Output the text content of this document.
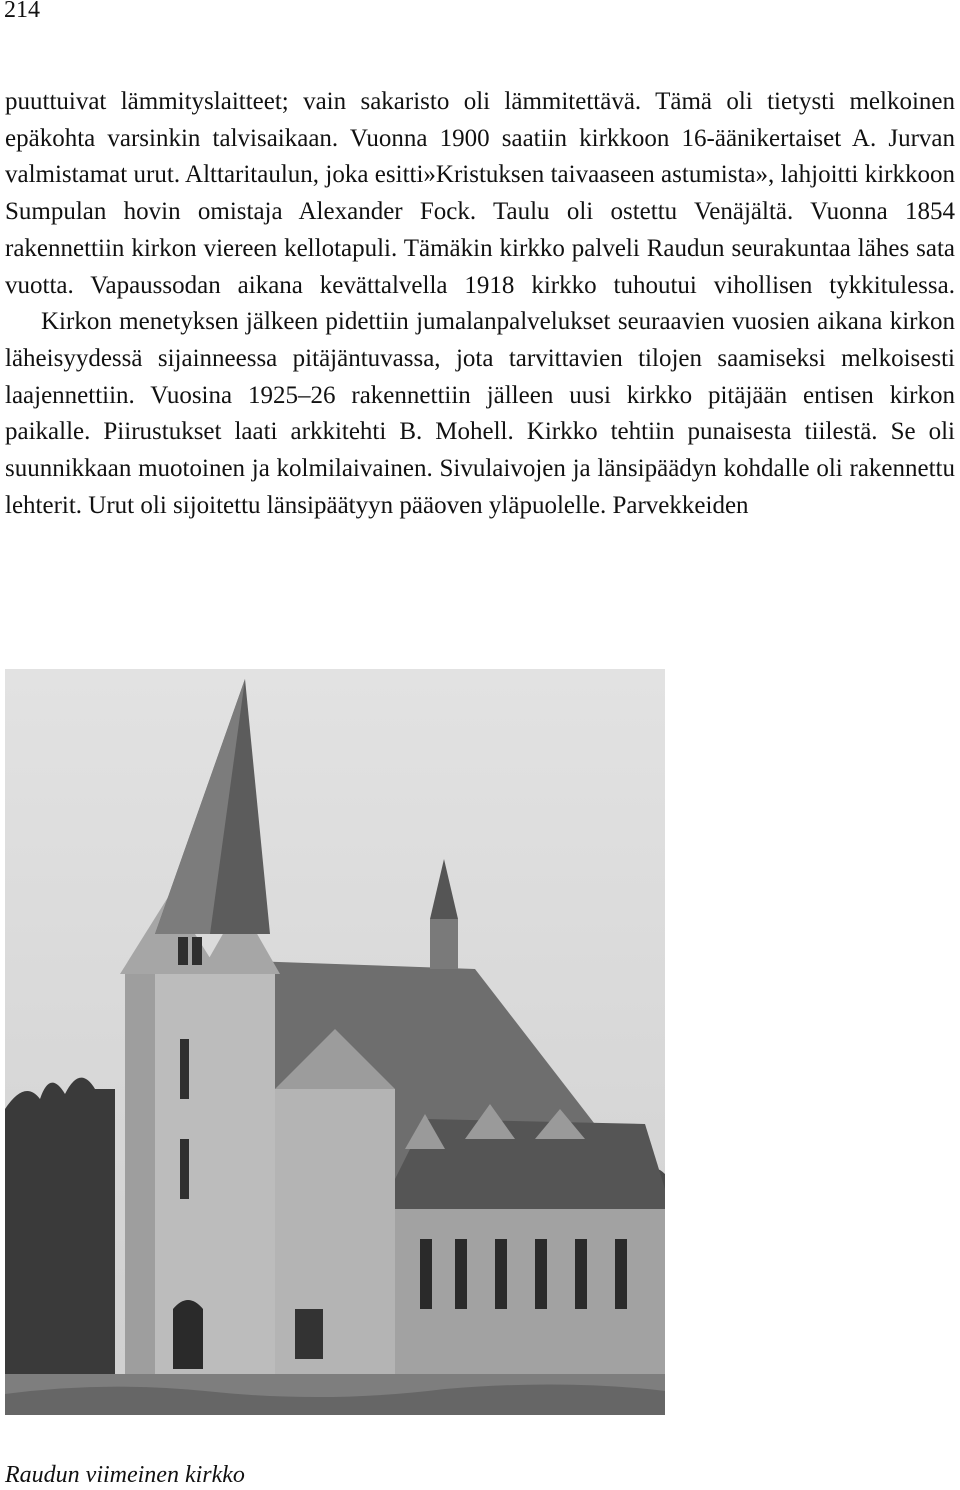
214

puuttuivat lämmityslaitteet; vain sakaristo oli lämmitettävä. Tämä oli tietysti melkoinen epäkohta varsinkin talvisaikaan. Vuonna 1900 saatiin kirkkoon 16-äänikertaiset A. Jurvan valmistamat urut. Alttaritaulun, joka esitti»Kristuksen taivaaseen astumista», lahjoitti kirkkoon Sumpulan hovin omistaja Alexander Fock. Taulu oli ostettu Venäjältä. Vuonna 1854 rakennettiin kirkon viereen kellotapuli. Tämäkin kirkko palveli Raudun seurakuntaa lähes sata vuotta. Vapaussodan aikana kevättalvella 1918 kirkko tuhoutui vihollisen tykkitulessa.

Kirkon menetyksen jälkeen pidettiin jumalanpalvelukset seuraavien vuosien aikana kirkon läheisyydessä sijainneessa pitäjäntuvassa, jota tarvittavien tilojen saamiseksi melkoisesti laajennettiin. Vuosina 1925–26 rakennettiin jälleen uusi kirkko pitäjään entisen kirkon paikalle. Piirustukset laati arkkitehti B. Mohell. Kirkko tehtiin punaisesta tiilestä. Se oli suunnikkaan muotoinen ja kolmilaivainen. Sivulaivojen ja länsipäädyn kohdalle oli rakennettu lehterit. Urut oli sijoitettu länsipäätyyn pääoven yläpuolelle. Parvekkeiden

Raudun viimeinen kirkko
